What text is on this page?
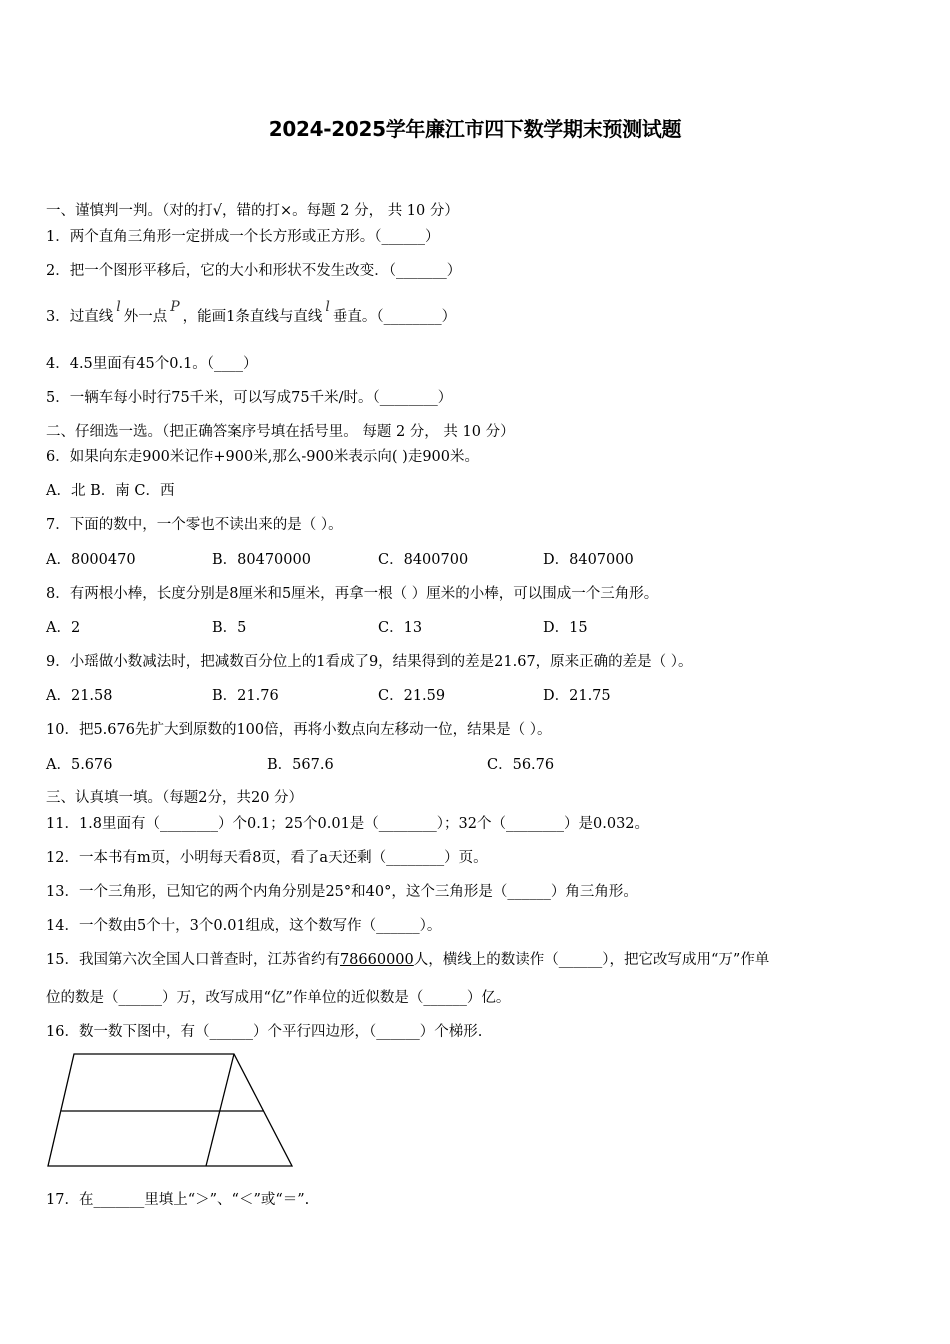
2024-2025学年廉江市四下数学期末预测试题
一、谨慎判一判。（对的打√，错的打×。每题 2 分， 共 10 分）
1．两个直角三角形一定拼成一个长方形或正方形。（______）
2．把一个图形平移后，它的大小和形状不发生改变．（_______）
3．过直线l外一点P，能画1条直线与直线l垂直。（________）
4．4.5里面有45个0.1。（____）
5．一辆车每小时行75千米，可以写成75千米/时。（________）
二、仔细选一选。（把正确答案序号填在括号里。 每题 2 分， 共 10 分）
6．如果向东走900米记作+900米,那么-900米表示向( )走900米。
A．北 B．南 C．西
7．下面的数中，一个零也不读出来的是（ ）。
A．8000470	B．80470000	C．8400700	D．8407000
8．有两根小棒，长度分别是8厘米和5厘米，再拿一根（ ）厘米的小棒，可以围成一个三角形。
A．2	B．5	C．13	D．15
9．小瑶做小数减法时，把减数百分位上的1看成了9，结果得到的差是21.67，原来正确的差是（ ）。
A．21.58	B．21.76	C．21.59	D．21.75
10．把5.676先扩大到原数的100倍，再将小数点向左移动一位，结果是（ ）。
A．5.676	B．567.6	C．56.76
三、认真填一填。（每题2分，共20 分）
11．1.8里面有（________）个0.1；25个0.01是（________）；32个（________）是0.032。
12．一本书有m页，小明每天看8页，看了a天还剩（________）页。
13．一个三角形，已知它的两个内角分别是25°和40°，这个三角形是（______）角三角形。
14．一个数由5个十，3个0.01组成，这个数写作（______）。
15．我国第六次全国人口普查时，江苏省约有78660000人，横线上的数读作（______），把它改写成用“万”作单
位的数是（______）万，改写成用“亿”作单位的近似数是（______）亿。
16．数一数下图中，有（______）个平行四边形，（______）个梯形.
17．在_______里填上“＞”、“＜”或“＝”.
